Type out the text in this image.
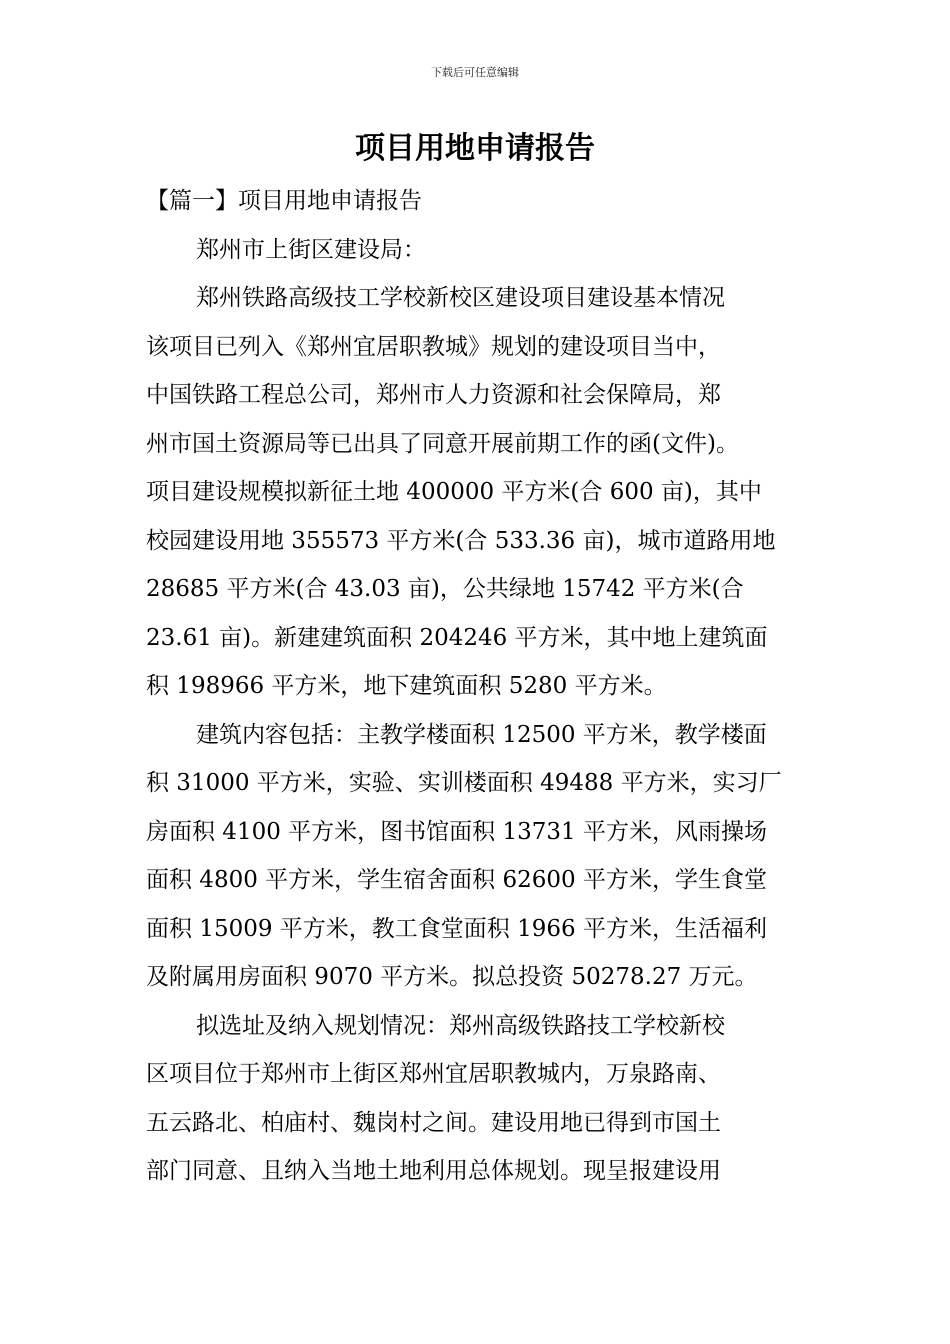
下载后可任意编辑
项目用地申请报告
【篇一】项目用地申请报告
郑州市上街区建设局：
郑州铁路高级技工学校新校区建设项目建设基本情况
该项目已列入《郑州宜居职教城》规划的建设项目当中，
中国铁路工程总公司，郑州市人力资源和社会保障局，郑
州市国土资源局等已出具了同意开展前期工作的函(文件)。
项目建设规模拟新征土地 400000 平方米(合 600 亩)，其中
校园建设用地 355573 平方米(合 533.36 亩)，城市道路用地
28685 平方米(合 43.03 亩)，公共绿地 15742 平方米(合
23.61 亩)。新建建筑面积 204246 平方米，其中地上建筑面
积 198966 平方米，地下建筑面积 5280 平方米。
建筑内容包括：主教学楼面积 12500 平方米，教学楼面
积 31000 平方米，实验、实训楼面积 49488 平方米，实习厂
房面积 4100 平方米，图书馆面积 13731 平方米，风雨操场
面积 4800 平方米，学生宿舍面积 62600 平方米，学生食堂
面积 15009 平方米，教工食堂面积 1966 平方米，生活福利
及附属用房面积 9070 平方米。拟总投资 50278.27 万元。
拟选址及纳入规划情况：郑州高级铁路技工学校新校
区项目位于郑州市上街区郑州宜居职教城内，万泉路南、
五云路北、柏庙村、魏岗村之间。建设用地已得到市国土
部门同意、且纳入当地土地利用总体规划。现呈报建设用
